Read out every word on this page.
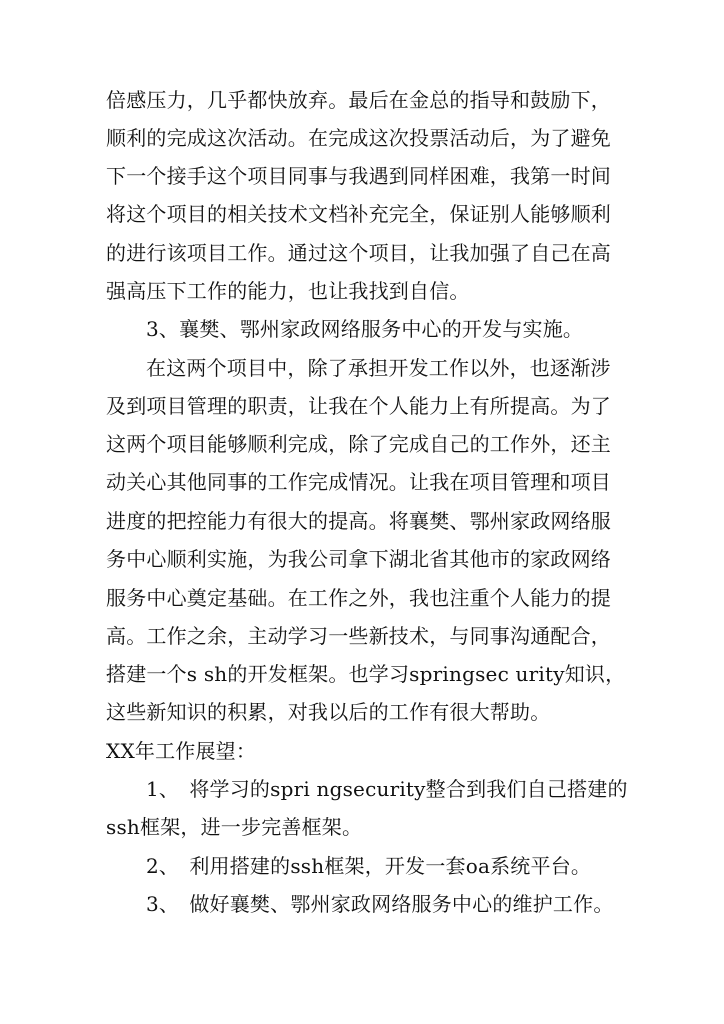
倍感压力，几乎都快放弃。最后在金总的指导和鼓励下，
顺利的完成这次活动。在完成这次投票活动后，为了避免
下一个接手这个项目同事与我遇到同样困难，我第一时间
将这个项目的相关技术文档补充完全，保证别人能够顺利
的进行该项目工作。通过这个项目，让我加强了自己在高
强高压下工作的能力，也让我找到自信。
3、襄樊、鄂州家政网络服务中心的开发与实施。
在这两个项目中，除了承担开发工作以外，也逐渐涉
及到项目管理的职责，让我在个人能力上有所提高。为了
这两个项目能够顺利完成，除了完成自己的工作外，还主
动关心其他同事的工作完成情况。让我在项目管理和项目
进度的把控能力有很大的提高。将襄樊、鄂州家政网络服
务中心顺利实施，为我公司拿下湖北省其他市的家政网络
服务中心奠定基础。在工作之外，我也注重个人能力的提
高。工作之余，主动学习一些新技术，与同事沟通配合，
搭建一个s sh的开发框架。也学习springsec urity知识，
这些新知识的积累，对我以后的工作有很大帮助。
XX年工作展望：
1、　将学习的spri ngsecurity整合到我们自己搭建的
ssh框架，进一步完善框架。
2、　利用搭建的ssh框架，开发一套oa系统平台。
3、　做好襄樊、鄂州家政网络服务中心的维护工作。
